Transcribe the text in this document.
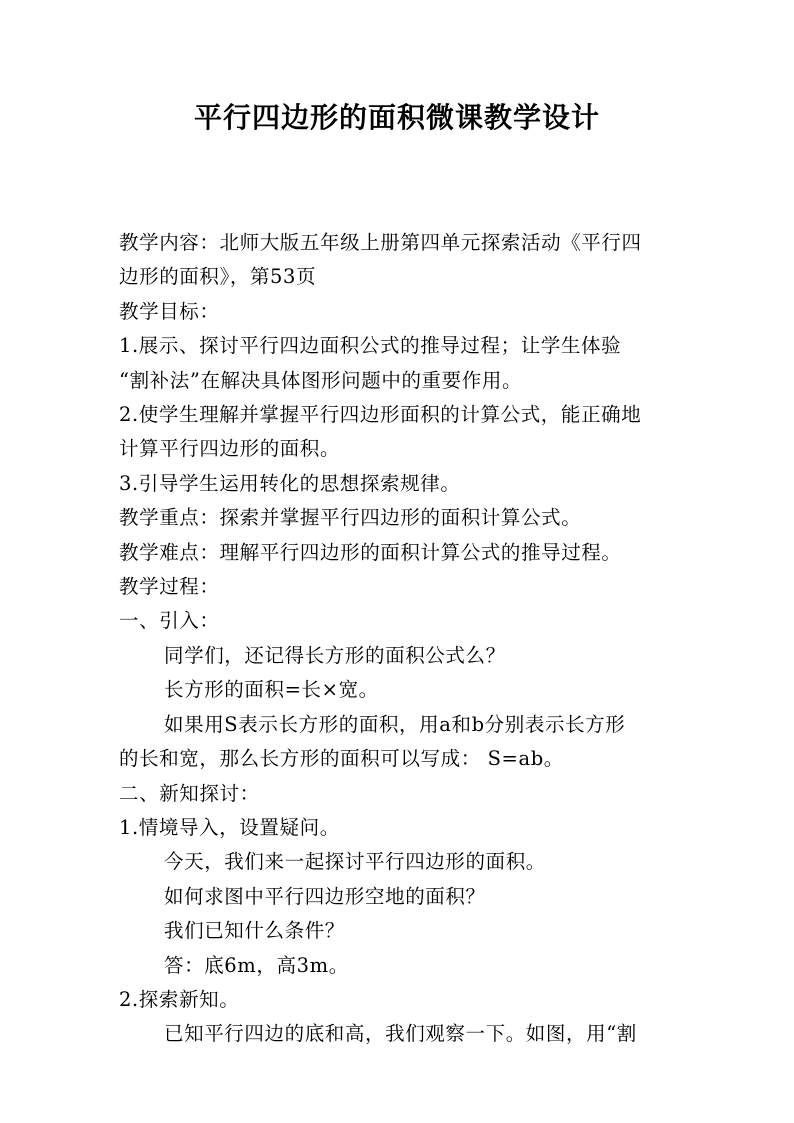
平行四边形的面积微课教学设计

教学内容：北师大版五年级上册第四单元探索活动《平行四

边形的面积》，第53页

教学目标：

1.展示、探讨平行四边面积公式的推导过程；让学生体验

“割补法”在解决具体图形问题中的重要作用。

2.使学生理解并掌握平行四边形面积的计算公式，能正确地

计算平行四边形的面积。

3.引导学生运用转化的思想探索规律。

教学重点：探索并掌握平行四边形的面积计算公式。

教学难点：理解平行四边形的面积计算公式的推导过程。

教学过程：

一、引入：

同学们，还记得长方形的面积公式么？

长方形的面积=长×宽。

如果用S表示长方形的面积，用a和b分别表示长方形

的长和宽，那么长方形的面积可以写成： S=ab。

二、新知探讨：

1.情境导入，设置疑问。

今天，我们来一起探讨平行四边形的面积。

如何求图中平行四边形空地的面积？

我们已知什么条件？

答：底6m，高3m。

2.探索新知。

已知平行四边的底和高，我们观察一下。如图，用“割
